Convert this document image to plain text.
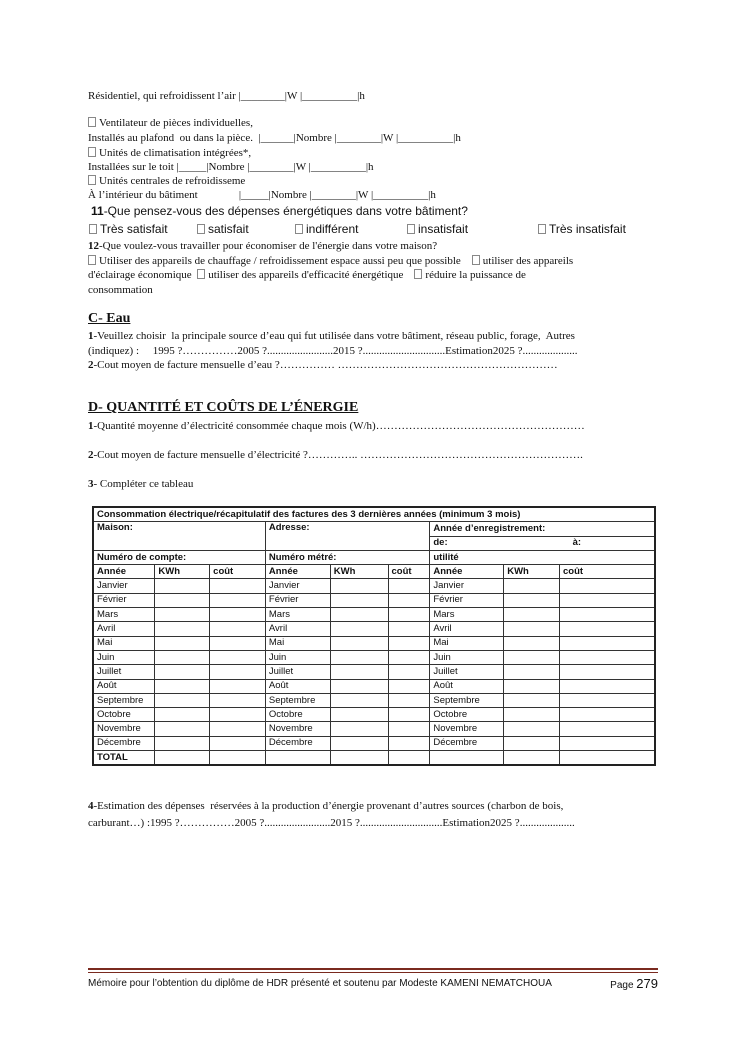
Résidentiel, qui refroidissent l’air |________|W |__________|h
Ventilateur de pièces individuelles,
Installés au plafond  ou dans la pièce.  |______|Nombre |________|W |__________|h
Unités de climatisation intégrées*,
Installées sur le toit |_____|Nombre |________|W |__________|h
Unités centrales de refroidisseme
À l’intérieur du bâtiment               |_____|Nombre |________|W |__________|h
11-Que pensez-vous des dépenses énergétiques dans votre bâtiment?
Très satisfait	satisfait	indifférent	insatisfait	Très insatisfait
12-Que voulez-vous travailler pour économiser de l'énergie dans votre maison?
Utiliser des appareils de chauffage / refroidissement espace aussi peu que possible utiliser des appareils
d'éclairage économique utiliser des appareils d'efficacité énergétique réduire la puissance de
consommation
C- Eau
1-Veuillez choisir  la principale source d’eau qui fut utilisée dans votre bâtiment, réseau public, forage,  Autres
(indiquez) :     1995 ?……………2005 ?........................2015 ?..............................Estimation2025 ?....................
2-Cout moyen de facture mensuelle d’eau ?…………… ……………………………………………………
D- QUANTITÉ ET COÛTS DE L’ÉNERGIE
1-Quantité moyenne d’électricité consommée chaque mois (W/h)…………………………………………………
2-Cout moyen de facture mensuelle d’électricité ?………….. …………………………………………………….
3- Compléter ce tableau
Consommation électrique/récapitulatif des factures des 3 dernières années (minimum 3 mois)								
Maison:			Adresse:			Année d’enregistrement:		
						de: à:		
Numéro de compte:			Numéro métré:			utilité		
Année	KWh	coût	Année	KWh	coût	Année	KWh	coût
Janvier			Janvier			Janvier		
Février			Février			Février		
Mars			Mars			Mars		
Avril			Avril			Avril		
Mai			Mai			Mai		
Juin			Juin			Juin		
Juillet			Juillet			Juillet		
Août			Août			Août		
Septembre			Septembre			Septembre		
Octobre			Octobre			Octobre		
Novembre			Novembre			Novembre		
Décembre			Décembre			Décembre		
TOTAL								
4-Estimation des dépenses  réservées à la production d’énergie provenant d’autres sources (charbon de bois,
carburant…) :1995 ?……………2005 ?........................2015 ?..............................Estimation2025 ?....................
Mémoire pour l’obtention du diplôme de HDR présenté et soutenu par Modeste KAMENI NEMATCHOUA	Page 279
